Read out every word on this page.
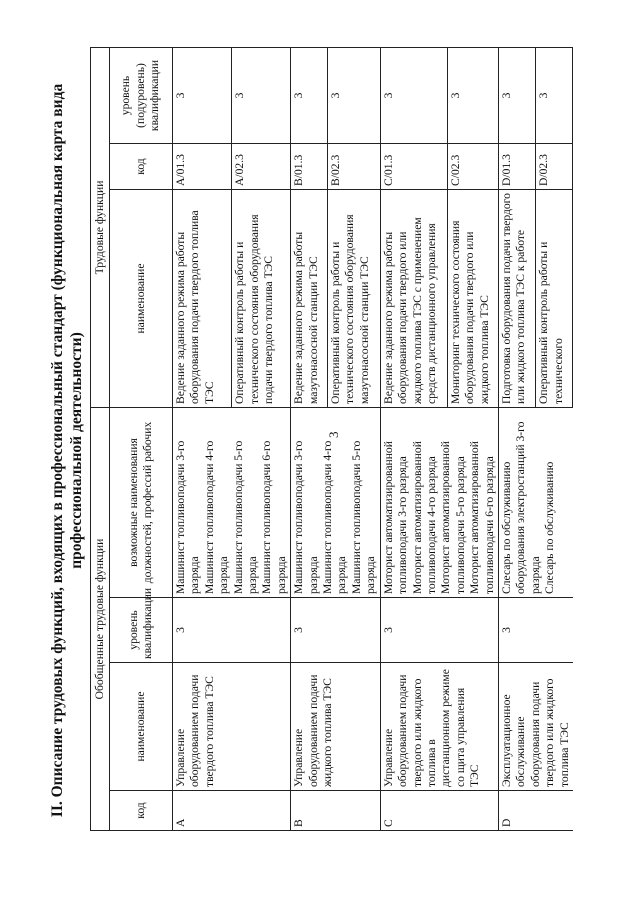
3
II. Описание трудовых функций, входящих в профессиональный стандарт (функциональная карта вида профессиональной деятельности)
Обобщенные трудовые функции				Трудовые функции		
код	наименование	уровень квалификации	возможные наименования должностей, профессий рабочих	наименование	код	уровень (подуровень) квалификации
A	Управление оборудованием подачи твердого топлива ТЭС	3	Машинист топливоподачи 3-го разряда Машинист топливоподачи 4-го разряда Машинист топливоподачи 5-го разряда Машинист топливоподачи 6-го разряда	Ведение заданного режима работы оборудования подачи твердого топлива ТЭС	A/01.3	3
				Оперативный контроль работы и технического состояния оборудования подачи твердого топлива ТЭС	A/02.3	3
B	Управление оборудованием подачи жидкого топлива ТЭС	3	Машинист топливоподачи 3-го разряда Машинист топливоподачи 4-го разряда Машинист топливоподачи 5-го разряда	Ведение заданного режима работы мазутонасосной станции ТЭС	B/01.3	3
				Оперативный контроль работы и технического состояния оборудования мазутонасосной станции ТЭС	B/02.3	3
C	Управление оборудованием подачи твердого или жидкого топлива в дистанционном режиме со щита управления ТЭС	3	Моторист автоматизированной топливоподачи 3-го разряда Моторист автоматизированной топливоподачи 4-го разряда Моторист автоматизированной топливоподачи 5-го разряда Моторист автоматизированной топливоподачи 6-го разряда	Ведение заданного режима работы оборудования подачи твердого или жидкого топлива ТЭС с применением средств дистанционного управления	C/01.3	3
				Мониторинг технического состояния оборудования подачи твердого или жидкого топлива ТЭС	C/02.3	3
D	Эксплуатационное обслуживание оборудования подачи твердого или жидкого топлива ТЭС	3	Слесарь по обслуживанию оборудования электростанций 3-го разряда Слесарь по обслуживанию	Подготовка оборудования подачи твердого или жидкого топлива ТЭС к работе	D/01.3	3
				Оперативный контроль работы и технического	D/02.3	3
